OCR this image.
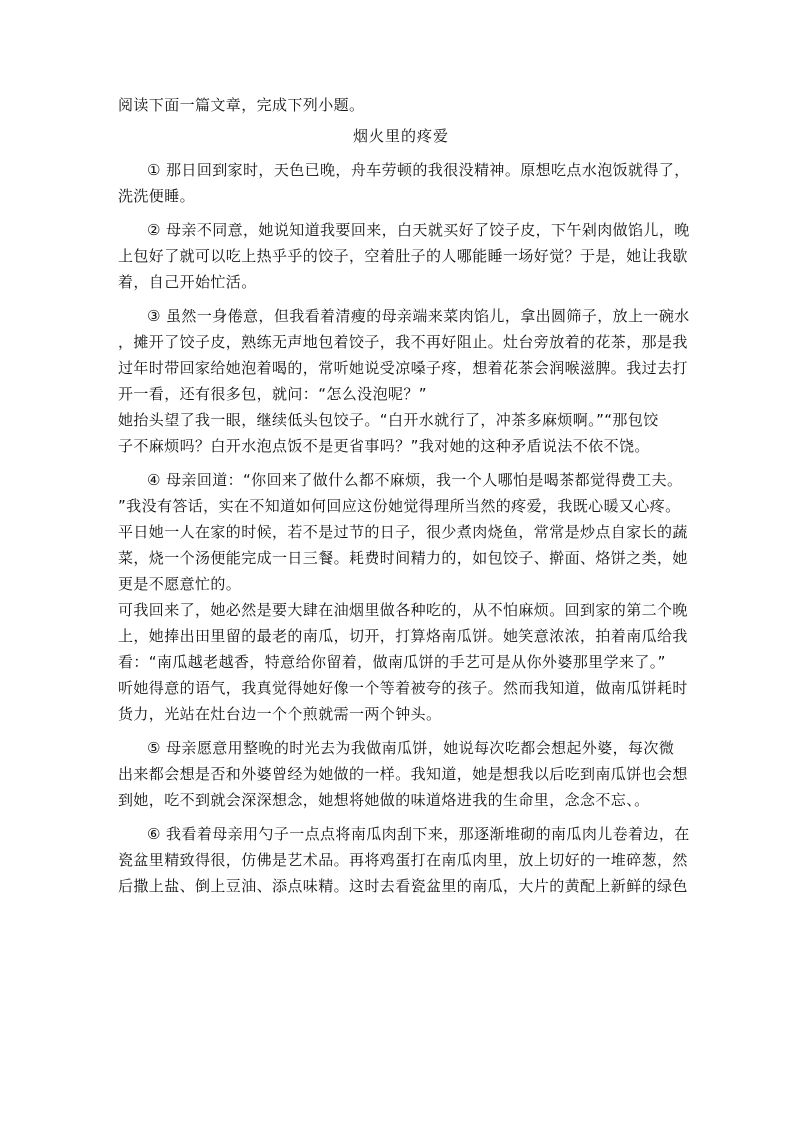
阅读下面一篇文章，完成下列小题。
烟火里的疼爱
① 那日回到家时，天色已晚，舟车劳顿的我很没精神。原想吃点水泡饭就得了，
洗洗便睡。
② 母亲不同意，她说知道我要回来，白天就买好了饺子皮，下午剁肉做馅儿，晚
上包好了就可以吃上热乎乎的饺子，空着肚子的人哪能睡一场好觉？于是，她让我歇
着，自己开始忙活。
③ 虽然一身倦意，但我看着清瘦的母亲端来菜肉馅儿，拿出圆筛子，放上一碗水
，摊开了饺子皮，熟练无声地包着饺子，我不再好阻止。灶台旁放着的花茶，那是我
过年时带回家给她泡着喝的，常听她说受凉嗓子疼，想着花茶会润喉滋脾。我过去打
开一看，还有很多包，就问：“怎么没泡呢？”
她抬头望了我一眼，继续低头包饺子。“白开水就行了，冲茶多麻烦啊。”“那包饺
子不麻烦吗？白开水泡点饭不是更省事吗？”我对她的这种矛盾说法不依不饶。
④ 母亲回道：“你回来了做什么都不麻烦，我一个人哪怕是喝茶都觉得费工夫。
”我没有答话，实在不知道如何回应这份她觉得理所当然的疼爱，我既心暖又心疼。
平日她一人在家的时候，若不是过节的日子，很少煮肉烧鱼，常常是炒点自家长的蔬
菜，烧一个汤便能完成一日三餐。耗费时间精力的，如包饺子、擀面、烙饼之类，她
更是不愿意忙的。
可我回来了，她必然是要大肆在油烟里做各种吃的，从不怕麻烦。回到家的第二个晚
上，她捧出田里留的最老的南瓜，切开，打算烙南瓜饼。她笑意浓浓，拍着南瓜给我
看：“南瓜越老越香，特意给你留着，做南瓜饼的手艺可是从你外婆那里学来了。”
听她得意的语气，我真觉得她好像一个等着被夸的孩子。然而我知道，做南瓜饼耗时
货力，光站在灶台边一个个煎就需一两个钟头。
⑤ 母亲愿意用整晚的时光去为我做南瓜饼，她说每次吃都会想起外婆，每次微
出来都会想是否和外婆曾经为她做的一样。我知道，她是想我以后吃到南瓜饼也会想
到她，吃不到就会深深想念，她想将她做的味道烙进我的生命里，念念不忘、。
⑥ 我看着母亲用勺子一点点将南瓜肉刮下来，那逐渐堆砌的南瓜肉儿卷着边，在
瓷盆里精致得很，仿佛是艺术品。再将鸡蛋打在南瓜肉里，放上切好的一堆碎葱，然
后撒上盐、倒上豆油、添点味精。这时去看瓷盆里的南瓜，大片的黄配上新鲜的绿色
